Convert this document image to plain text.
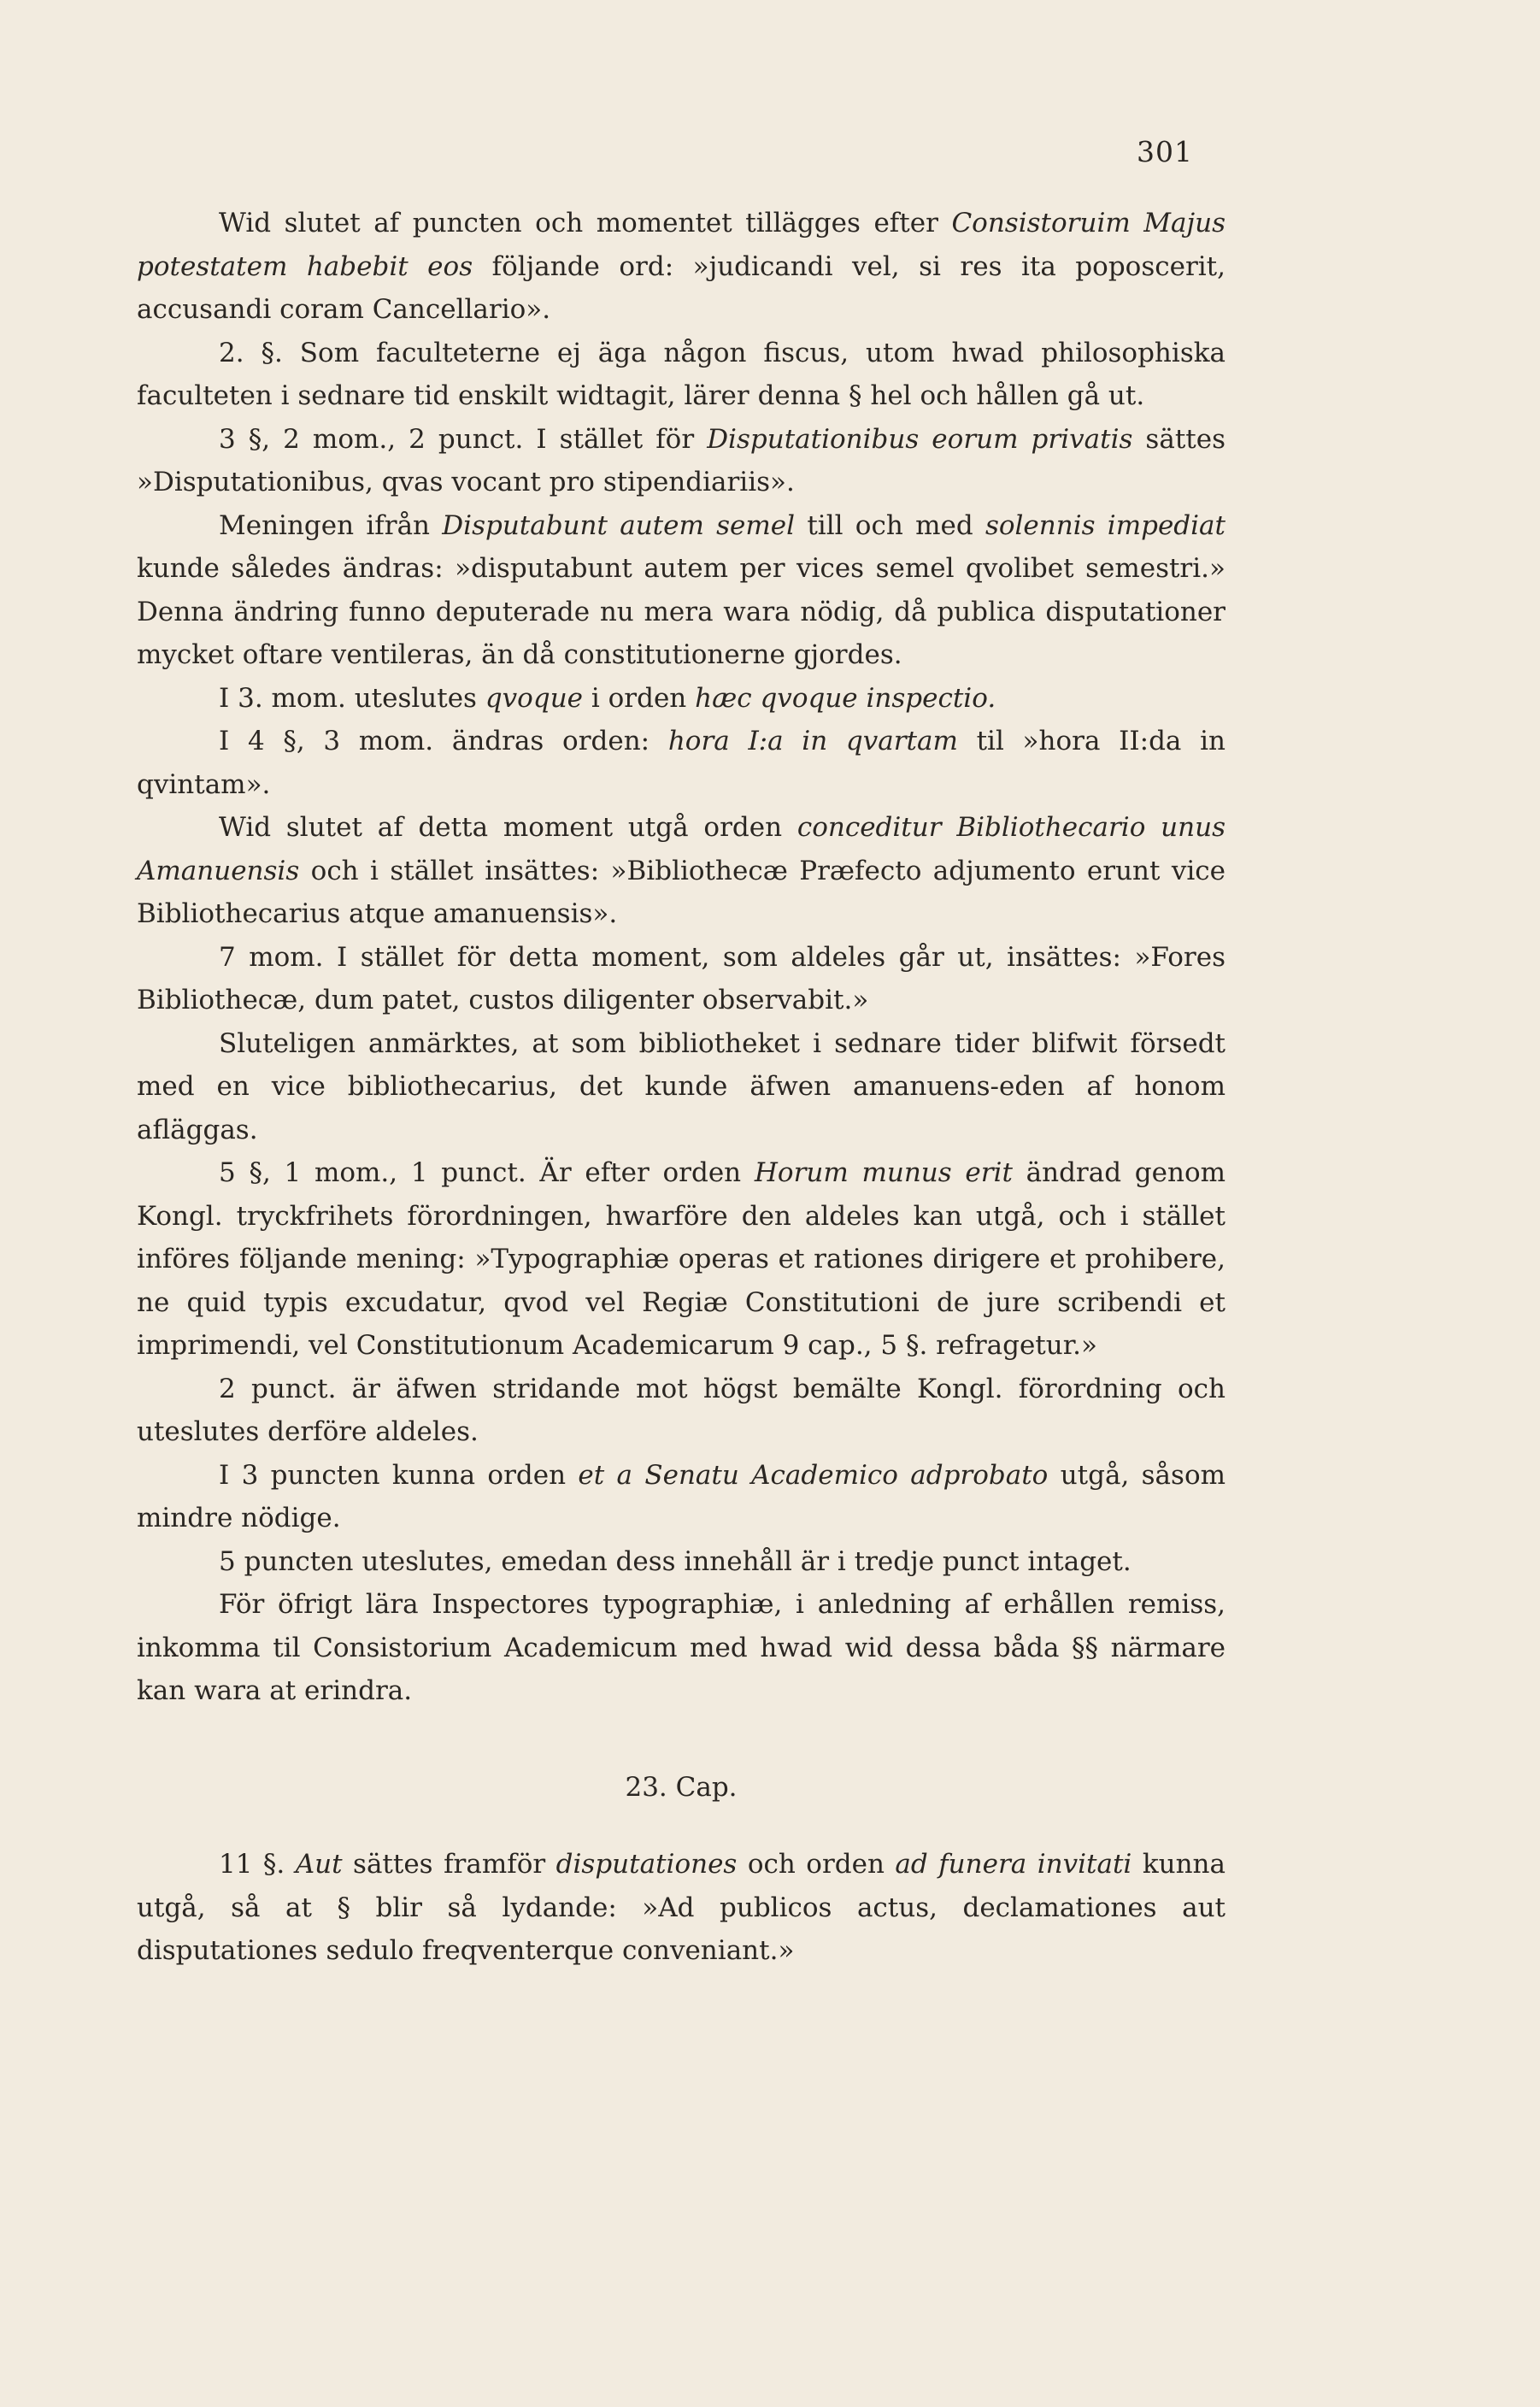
301

Wid slutet af puncten och momentet tillägges efter Consistoruim Majus potestatem habebit eos följande ord: »judicandi vel, si res ita poposcerit, accusandi coram Cancellario».

2. §. Som faculteterne ej äga någon fiscus, utom hwad philosophiska faculteten i sednare tid enskilt widtagit, lärer denna § hel och hållen gå ut.

3 §, 2 mom., 2 punct. I stället för Disputationibus eorum privatis sättes »Disputationibus, qvas vocant pro stipendiariis».

Meningen ifrån Disputabunt autem semel till och med solennis impediat kunde således ändras: »disputabunt autem per vices semel qvolibet semestri.» Denna ändring funno deputerade nu mera wara nödig, då publica disputationer mycket oftare ventileras, än då constitutionerne gjordes.

I 3. mom. uteslutes qvoque i orden hæc qvoque inspectio.

I 4 §, 3 mom. ändras orden: hora I:a in qvartam til »hora II:da in qvintam».

Wid slutet af detta moment utgå orden conceditur Bibliothecario unus Amanuensis och i stället insättes: »Bibliothecæ Præfecto adjumento erunt vice Bibliothecarius atque amanuensis».

7 mom. I stället för detta moment, som aldeles går ut, insättes: »Fores Bibliothecæ, dum patet, custos diligenter observabit.»

Sluteligen anmärktes, at som bibliotheket i sednare tider blifwit försedt med en vice bibliothecarius, det kunde äfwen amanuens-eden af honom afläggas.

5 §, 1 mom., 1 punct. Är efter orden Horum munus erit ändrad genom Kongl. tryckfrihets förordningen, hwarföre den aldeles kan utgå, och i stället införes följande mening: »Typographiæ operas et rationes dirigere et prohibere, ne quid typis excudatur, qvod vel Regiæ Constitutioni de jure scribendi et imprimendi, vel Constitutionum Academicarum 9 cap., 5 §. refragetur.»

2 punct. är äfwen stridande mot högst bemälte Kongl. förordning och uteslutes derföre aldeles.

I 3 puncten kunna orden et a Senatu Academico adprobato utgå, såsom mindre nödige.

5 puncten uteslutes, emedan dess innehåll är i tredje punct intaget.

För öfrigt lära Inspectores typographiæ, i anledning af erhållen remiss, inkomma til Consistorium Academicum med hwad wid dessa båda §§ närmare kan wara at erindra.

23. Cap.

11 §. Aut sättes framför disputationes och orden ad funera invitati kunna utgå, så at § blir så lydande: »Ad publicos actus, declamationes aut disputationes sedulo freqventerque conveniant.»
